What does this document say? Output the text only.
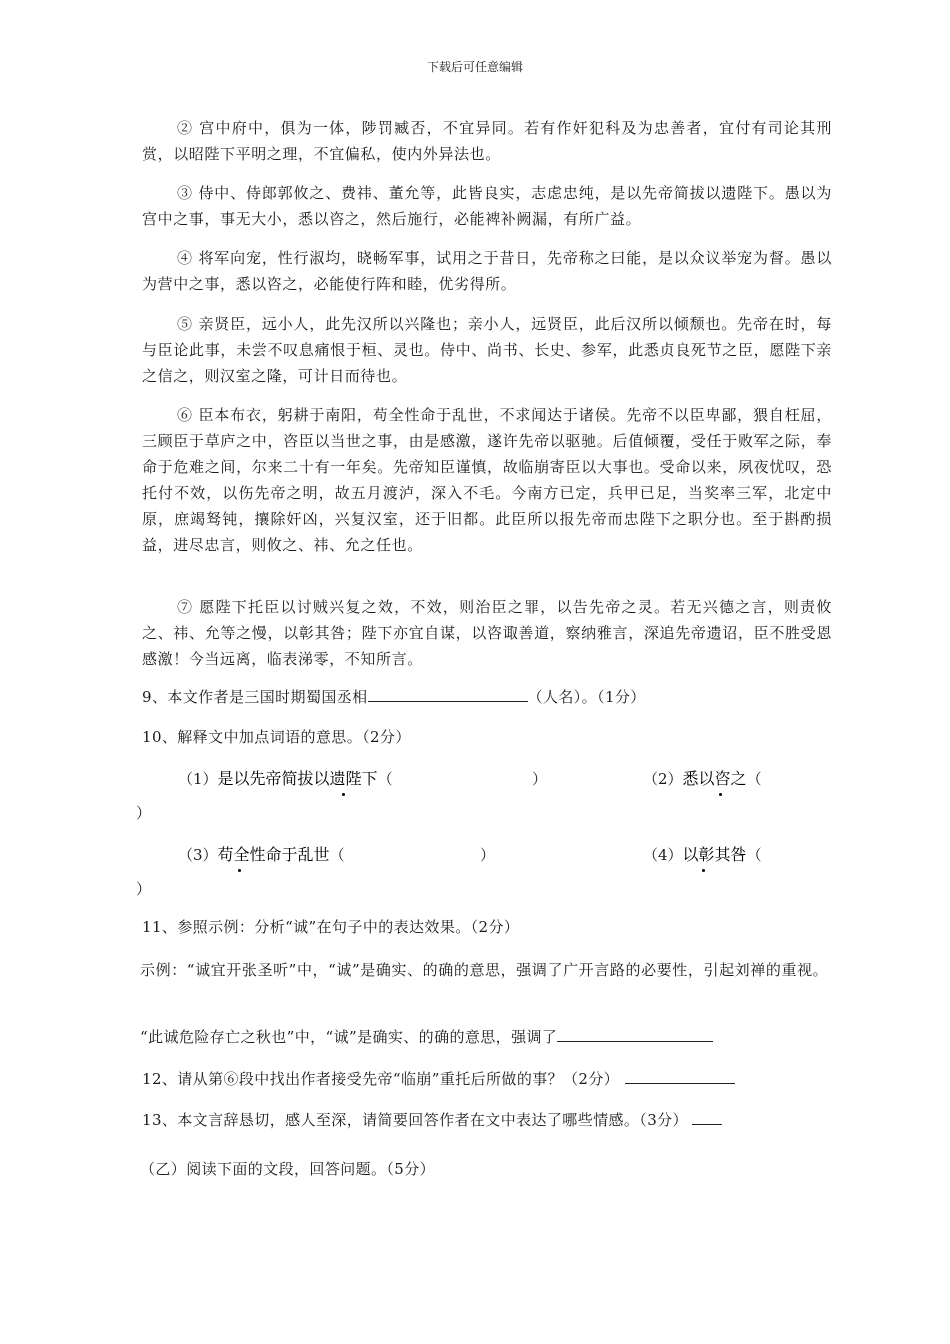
下载后可任意编辑
② 宫中府中，俱为一体，陟罚臧否，不宜异同。若有作奸犯科及为忠善者，宜付有司论其刑赏，以昭陛下平明之理，不宜偏私，使内外异法也。
③ 侍中、侍郎郭攸之、费祎、董允等，此皆良实，志虑忠纯，是以先帝简拔以遗陛下。愚以为宫中之事，事无大小，悉以咨之，然后施行，必能裨补阙漏，有所广益。
④ 将军向宠，性行淑均，晓畅军事，试用之于昔日，先帝称之曰能，是以众议举宠为督。愚以为营中之事，悉以咨之，必能使行阵和睦，优劣得所。
⑤ 亲贤臣，远小人，此先汉所以兴隆也；亲小人，远贤臣，此后汉所以倾颓也。先帝在时，每与臣论此事，未尝不叹息痛恨于桓、灵也。侍中、尚书、长史、参军，此悉贞良死节之臣，愿陛下亲之信之，则汉室之隆，可计日而待也。
⑥ 臣本布衣，躬耕于南阳，苟全性命于乱世，不求闻达于诸侯。先帝不以臣卑鄙，猥自枉屈，三顾臣于草庐之中，咨臣以当世之事，由是感激，遂许先帝以驱驰。后值倾覆，受任于败军之际，奉命于危难之间，尔来二十有一年矣。先帝知臣谨慎，故临崩寄臣以大事也。受命以来，夙夜忧叹，恐托付不效，以伤先帝之明，故五月渡泸，深入不毛。今南方已定，兵甲已足，当奖率三军，北定中原，庶竭驽钝，攘除奸凶，兴复汉室，还于旧都。此臣所以报先帝而忠陛下之职分也。至于斟酌损益，进尽忠言，则攸之、祎、允之任也。
⑦ 愿陛下托臣以讨贼兴复之效，不效，则治臣之罪，以告先帝之灵。若无兴德之言，则责攸之、祎、允等之慢，以彰其咎；陛下亦宜自谋，以咨诹善道，察纳雅言，深追先帝遗诏，臣不胜受恩感激！今当远离，临表涕零，不知所言。
9、本文作者是三国时期蜀国丞相	（人名）。（1分）
10、解释文中加点词语的意思。（2分）
（1）是以先帝简拔以遗陛下（	）	（2）悉以咨之（
）
（3）苟全性命于乱世（	）	（4）以彰其咎（
）
11、参照示例：分析“诚”在句子中的表达效果。（2分）
示例：“诚宜开张圣听”中，“诚”是确实、的确的意思，强调了广开言路的必要性，引起刘禅的重视。
“此诚危险存亡之秋也”中，“诚”是确实、的确的意思，强调了
12、请从第⑥段中找出作者接受先帝“临崩”重托后所做的事？（2分）
13、本文言辞恳切，感人至深，请简要回答作者在文中表达了哪些情感。（3分）
（乙）阅读下面的文段，回答问题。（5分）
